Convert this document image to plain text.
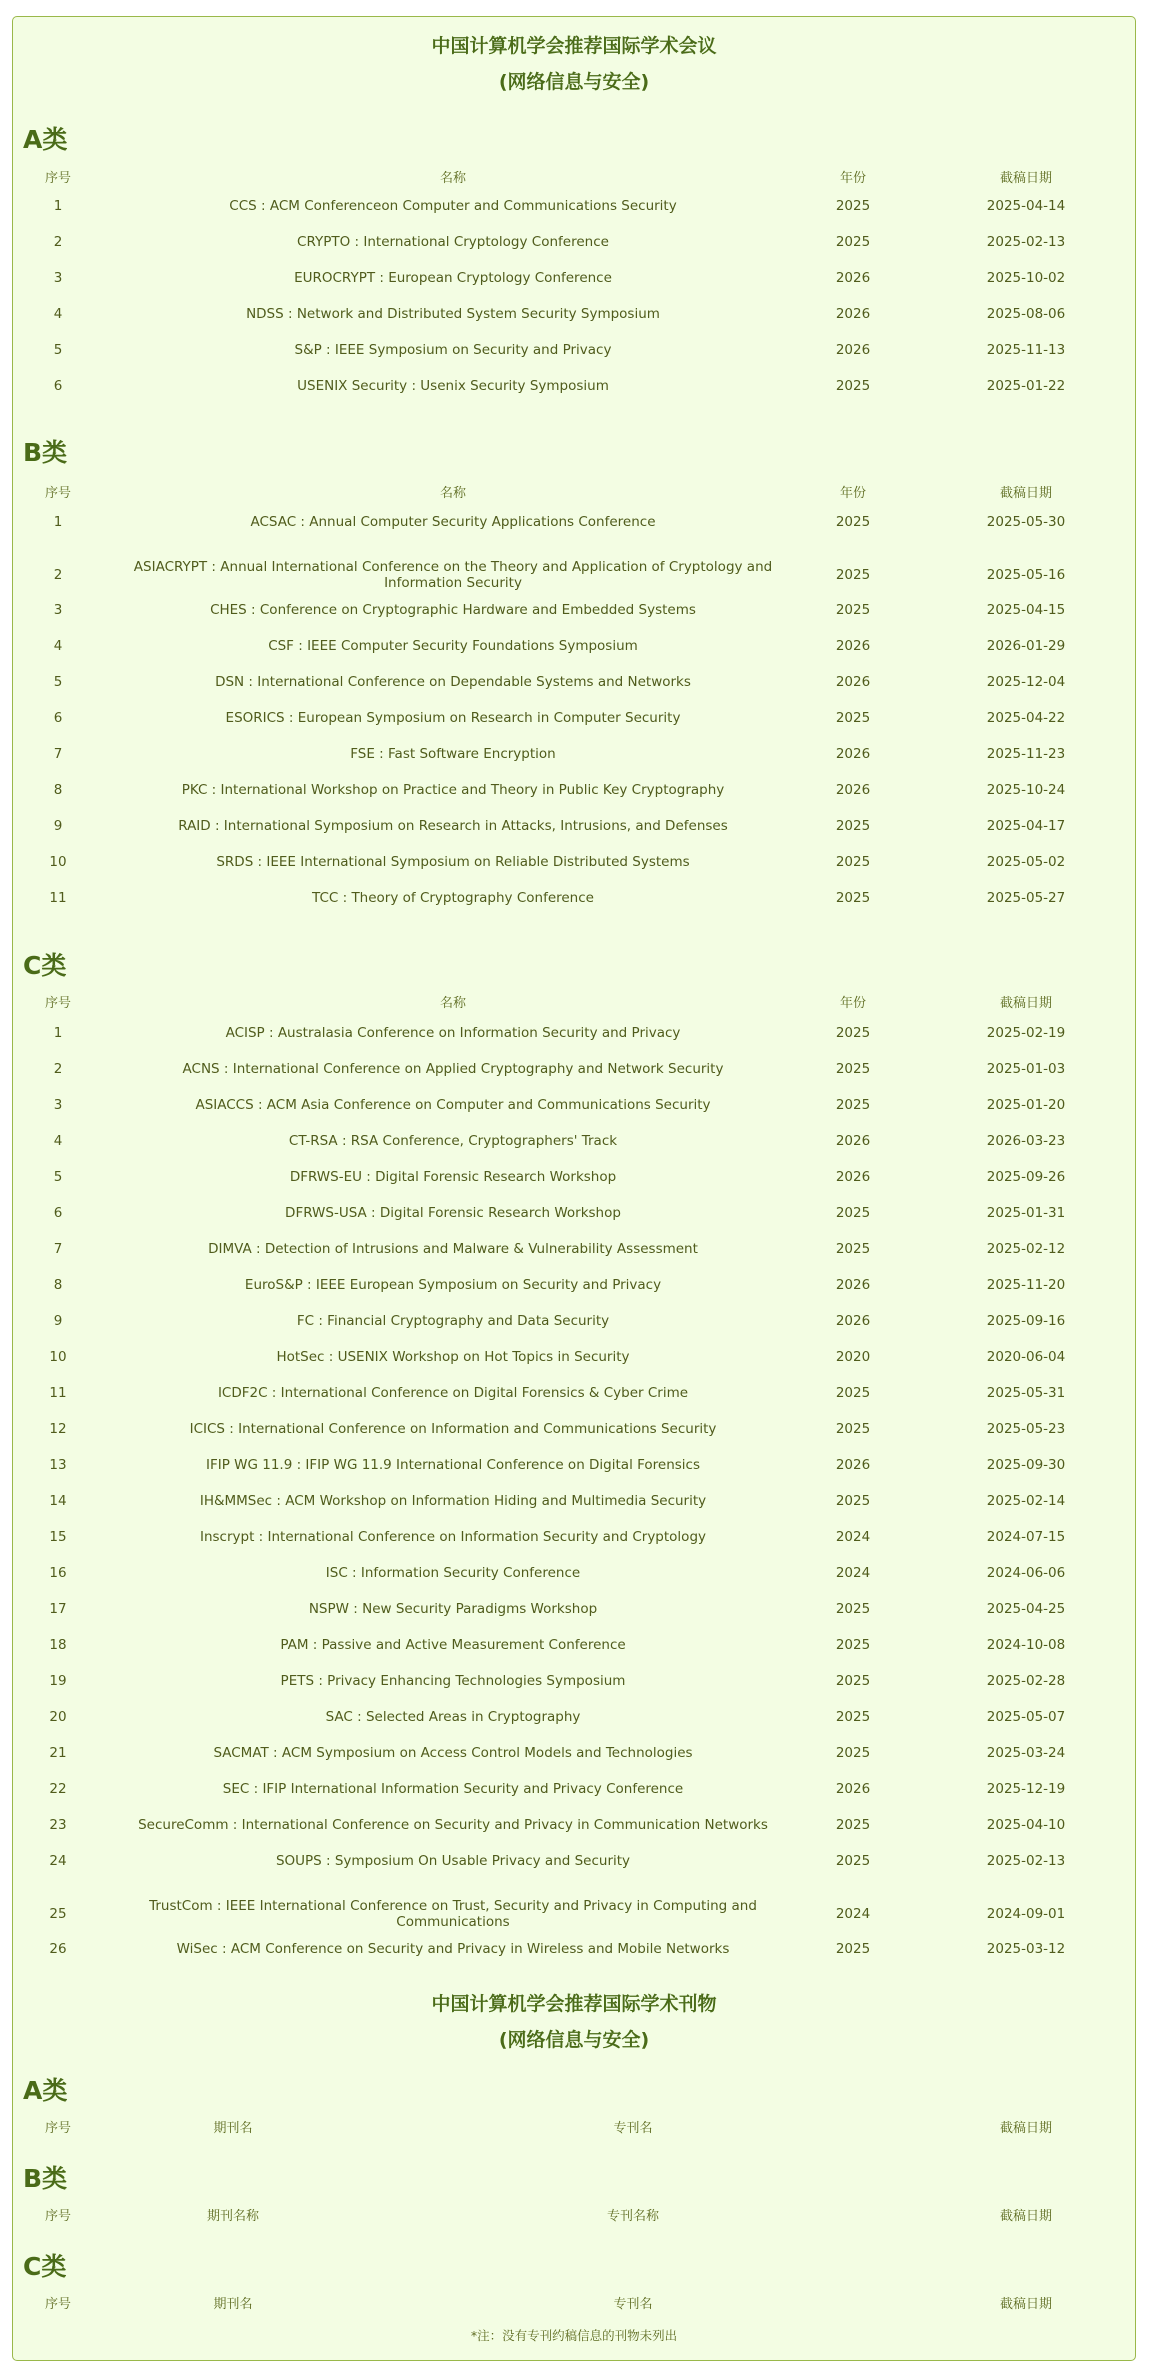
中国计算机学会推荐国际学术会议
(网络信息与安全)
A类
序号	名称	年份	截稿日期
1	CCS : ACM Conferenceon Computer and Communications Security	2025	2025-04-14
2	CRYPTO : International Cryptology Conference	2025	2025-02-13
3	EUROCRYPT : European Cryptology Conference	2026	2025-10-02
4	NDSS : Network and Distributed System Security Symposium	2026	2025-08-06
5	S&P : IEEE Symposium on Security and Privacy	2026	2025-11-13
6	USENIX Security : Usenix Security Symposium	2025	2025-01-22
B类
序号	名称	年份	截稿日期
1	ACSAC : Annual Computer Security Applications Conference	2025	2025-05-30
2	ASIACRYPT : Annual International Conference on the Theory and Application of Cryptology and Information Security	2025	2025-05-16
3	CHES : Conference on Cryptographic Hardware and Embedded Systems	2025	2025-04-15
4	CSF : IEEE Computer Security Foundations Symposium	2026	2026-01-29
5	DSN : International Conference on Dependable Systems and Networks	2026	2025-12-04
6	ESORICS : European Symposium on Research in Computer Security	2025	2025-04-22
7	FSE : Fast Software Encryption	2026	2025-11-23
8	PKC : International Workshop on Practice and Theory in Public Key Cryptography	2026	2025-10-24
9	RAID : International Symposium on Research in Attacks, Intrusions, and Defenses	2025	2025-04-17
10	SRDS : IEEE International Symposium on Reliable Distributed Systems	2025	2025-05-02
11	TCC : Theory of Cryptography Conference	2025	2025-05-27
C类
序号	名称	年份	截稿日期
1	ACISP : Australasia Conference on Information Security and Privacy	2025	2025-02-19
2	ACNS : International Conference on Applied Cryptography and Network Security	2025	2025-01-03
3	ASIACCS : ACM Asia Conference on Computer and Communications Security	2025	2025-01-20
4	CT-RSA : RSA Conference, Cryptographers' Track	2026	2026-03-23
5	DFRWS-EU : Digital Forensic Research Workshop	2026	2025-09-26
6	DFRWS-USA : Digital Forensic Research Workshop	2025	2025-01-31
7	DIMVA : Detection of Intrusions and Malware & Vulnerability Assessment	2025	2025-02-12
8	EuroS&P : IEEE European Symposium on Security and Privacy	2026	2025-11-20
9	FC : Financial Cryptography and Data Security	2026	2025-09-16
10	HotSec : USENIX Workshop on Hot Topics in Security	2020	2020-06-04
11	ICDF2C : International Conference on Digital Forensics & Cyber Crime	2025	2025-05-31
12	ICICS : International Conference on Information and Communications Security	2025	2025-05-23
13	IFIP WG 11.9 : IFIP WG 11.9 International Conference on Digital Forensics	2026	2025-09-30
14	IH&MMSec : ACM Workshop on Information Hiding and Multimedia Security	2025	2025-02-14
15	Inscrypt : International Conference on Information Security and Cryptology	2024	2024-07-15
16	ISC : Information Security Conference	2024	2024-06-06
17	NSPW : New Security Paradigms Workshop	2025	2025-04-25
18	PAM : Passive and Active Measurement Conference	2025	2024-10-08
19	PETS : Privacy Enhancing Technologies Symposium	2025	2025-02-28
20	SAC : Selected Areas in Cryptography	2025	2025-05-07
21	SACMAT : ACM Symposium on Access Control Models and Technologies	2025	2025-03-24
22	SEC : IFIP International Information Security and Privacy Conference	2026	2025-12-19
23	SecureComm : International Conference on Security and Privacy in Communication Networks	2025	2025-04-10
24	SOUPS : Symposium On Usable Privacy and Security	2025	2025-02-13
25	TrustCom : IEEE International Conference on Trust, Security and Privacy in Computing and Communications	2024	2024-09-01
26	WiSec : ACM Conference on Security and Privacy in Wireless and Mobile Networks	2025	2025-03-12
中国计算机学会推荐国际学术刊物
(网络信息与安全)
A类
序号	期刊名	专刊名	截稿日期
B类
序号	期刊名称	专刊名称	截稿日期
C类
序号	期刊名	专刊名	截稿日期
*注：没有专刊约稿信息的刊物未列出
